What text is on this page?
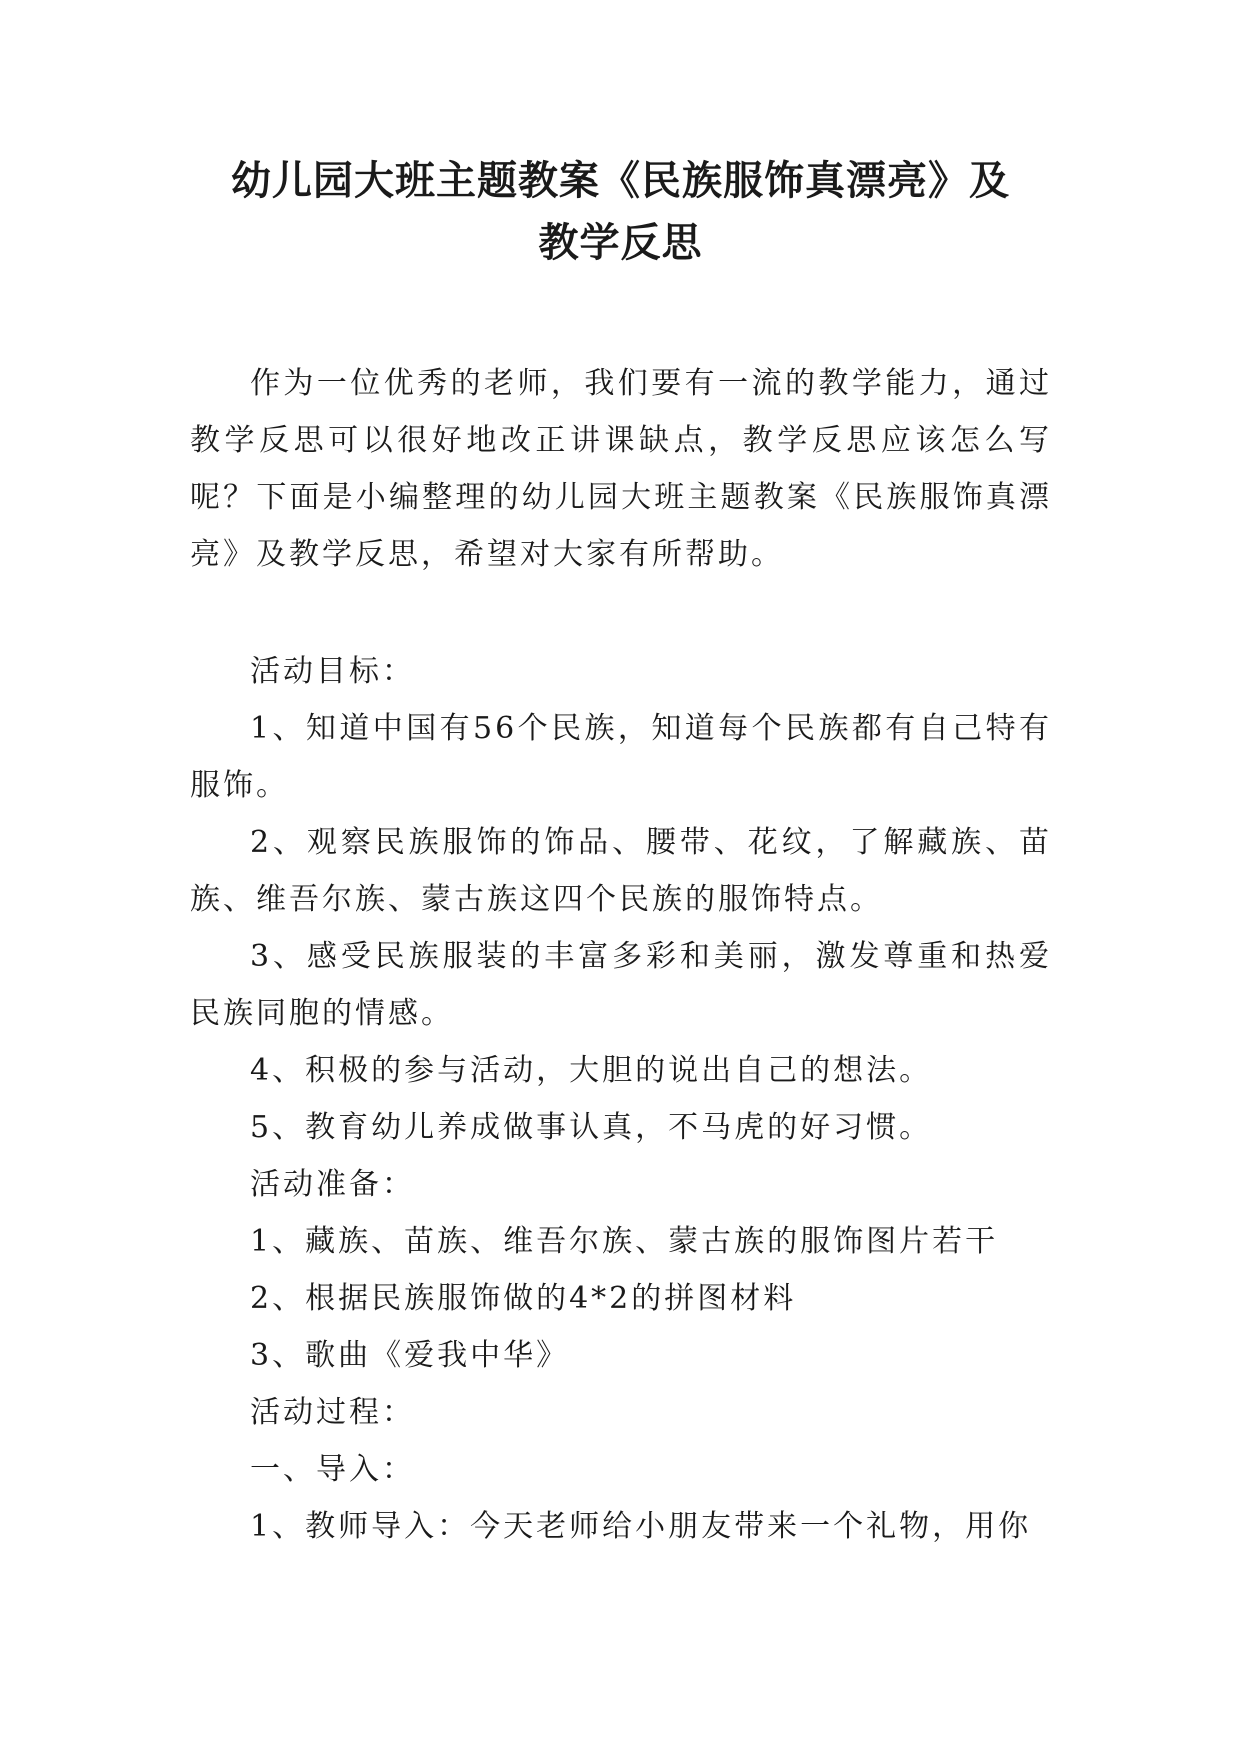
幼儿园大班主题教案《民族服饰真漂亮》及
教学反思

作为一位优秀的老师，我们要有一流的教学能力，通过教学反思可以很好地改正讲课缺点，教学反思应该怎么写呢？下面是小编整理的幼儿园大班主题教案《民族服饰真漂亮》及教学反思，希望对大家有所帮助。

活动目标：

1、知道中国有56个民族，知道每个民族都有自己特有服饰。

2、观察民族服饰的饰品、腰带、花纹，了解藏族、苗族、维吾尔族、蒙古族这四个民族的服饰特点。

3、感受民族服装的丰富多彩和美丽，激发尊重和热爱民族同胞的情感。

4、积极的参与活动，大胆的说出自己的想法。

5、教育幼儿养成做事认真，不马虎的好习惯。

活动准备：

1、藏族、苗族、维吾尔族、蒙古族的服饰图片若干

2、根据民族服饰做的4*2的拼图材料

3、歌曲《爱我中华》

活动过程：

一、导入：

1、教师导入：今天老师给小朋友带来一个礼物，用你
